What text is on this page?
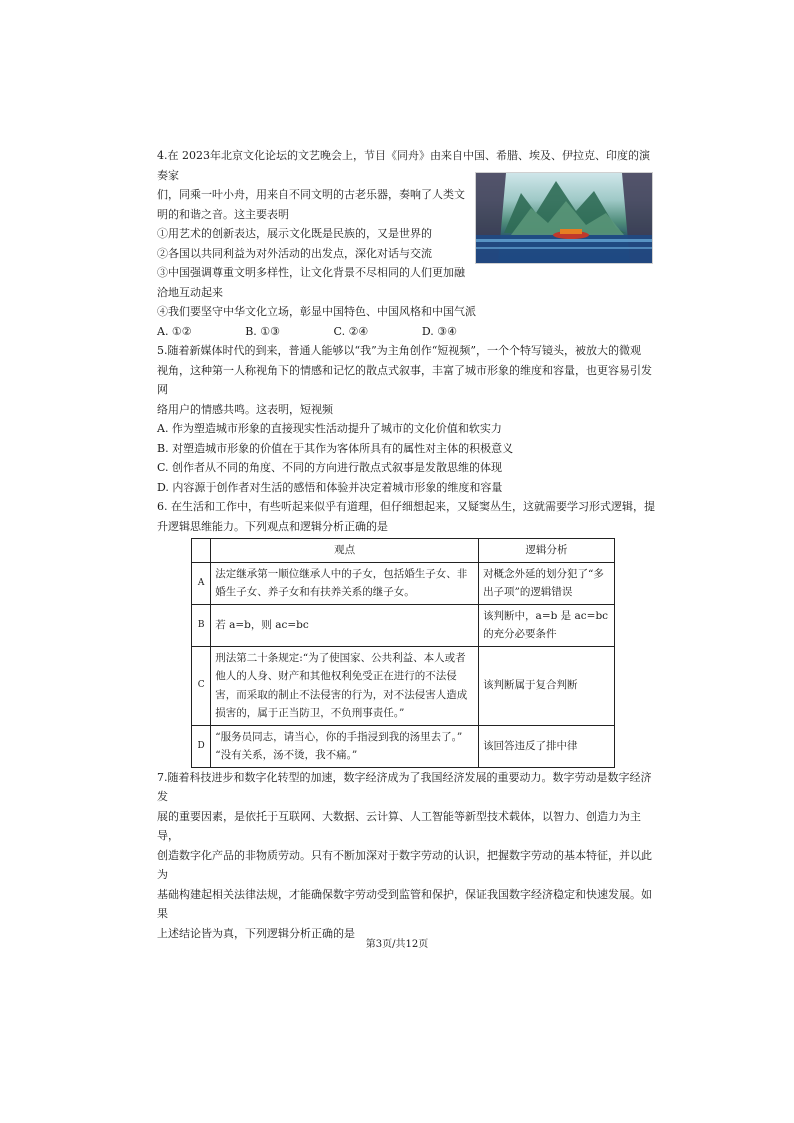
4.在 2023年北京文化论坛的文艺晚会上，节目《同舟》由来自中国、希腊、埃及、伊拉克、印度的演奏家

们，同乘一叶小舟，用来自不同文明的古老乐器，奏响了人类文

明的和谐之音。这主要表明

①用艺术的创新表达，展示文化既是民族的，又是世界的

②各国以共同利益为对外活动的出发点，深化对话与交流

③中国强调尊重文明多样性，让文化背景不尽相同的人们更加融

洽地互动起来

④我们要坚守中华文化立场，彰显中国特色、中国风格和中国气派

A. ①②	B. ①③	C. ②④	D. ③④

5.随着新媒体时代的到来，普通人能够以“我”为主角创作“短视频”，一个个特写镜头，被放大的微观

视角，这种第一人称视角下的情感和记忆的散点式叙事，丰富了城市形象的维度和容量，也更容易引发网

络用户的情感共鸣。这表明，短视频

A. 作为塑造城市形象的直接现实性活动提升了城市的文化价值和软实力

B. 对塑造城市形象的价值在于其作为客体所具有的属性对主体的积极意义

C. 创作者从不同的角度、不同的方向进行散点式叙事是发散思维的体现

D. 内容源于创作者对生活的感悟和体验并决定着城市形象的维度和容量

6. 在生活和工作中，有些听起来似乎有道理，但仔细想起来，又疑窦丛生，这就需要学习形式逻辑，提

升逻辑思维能力。下列观点和逻辑分析正确的是

	观点	逻辑分析
A	法定继承第一顺位继承人中的子女，包括婚生子女、非婚生子女、养子女和有扶养关系的继子女。	对概念外延的划分犯了“多出子项”的逻辑错误
B	若 a=b，则 ac=bc	该判断中，a=b 是 ac=bc 的充分必要条件
C	刑法第二十条规定:“为了使国家、公共利益、本人或者他人的人身、财产和其他权利免受正在进行的不法侵害，而采取的制止不法侵害的行为，对不法侵害人造成损害的，属于正当防卫，不负刑事责任。”	该判断属于复合判断
D	“服务员同志，请当心，你的手指浸到我的汤里去了。”
“没有关系，汤不烫，我不痛。”	该回答违反了排中律

7.随着科技进步和数字化转型的加速，数字经济成为了我国经济发展的重要动力。数字劳动是数字经济发

展的重要因素，是依托于互联网、大数据、云计算、人工智能等新型技术载体，以智力、创造力为主导，

创造数字化产品的非物质劳动。只有不断加深对于数字劳动的认识，把握数字劳动的基本特征，并以此为

基础构建起相关法律法规，才能确保数字劳动受到监管和保护，保证我国数字经济稳定和快速发展。如果

上述结论皆为真，下列逻辑分析正确的是

第3页/共12页
